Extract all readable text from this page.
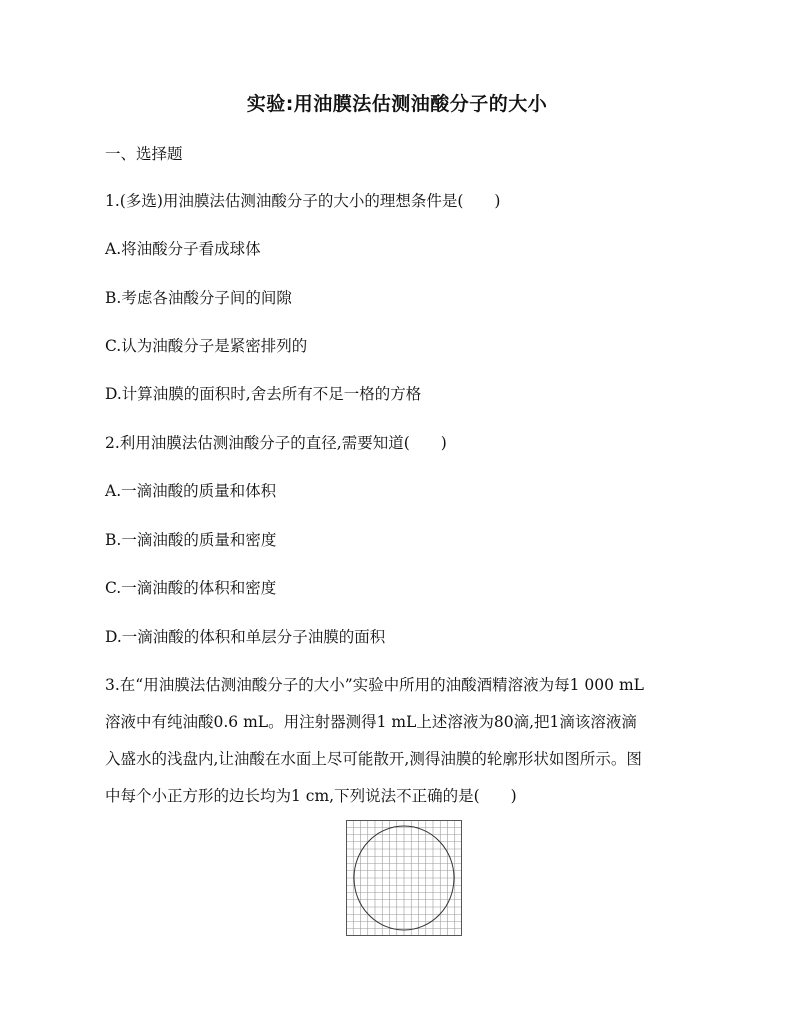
实验:用油膜法估测油酸分子的大小
一、选择题
1.(多选)用油膜法估测油酸分子的大小的理想条件是(　　)
A.将油酸分子看成球体
B.考虑各油酸分子间的间隙
C.认为油酸分子是紧密排列的
D.计算油膜的面积时,舍去所有不足一格的方格
2.利用油膜法估测油酸分子的直径,需要知道(　　)
A.一滴油酸的质量和体积
B.一滴油酸的质量和密度
C.一滴油酸的体积和密度
D.一滴油酸的体积和单层分子油膜的面积
3.在“用油膜法估测油酸分子的大小”实验中所用的油酸酒精溶液为每1 000 mL
溶液中有纯油酸0.6 mL。用注射器测得1 mL上述溶液为80滴,把1滴该溶液滴
入盛水的浅盘内,让油酸在水面上尽可能散开,测得油膜的轮廓形状如图所示。图
中每个小正方形的边长均为1 cm,下列说法不正确的是(　　)
